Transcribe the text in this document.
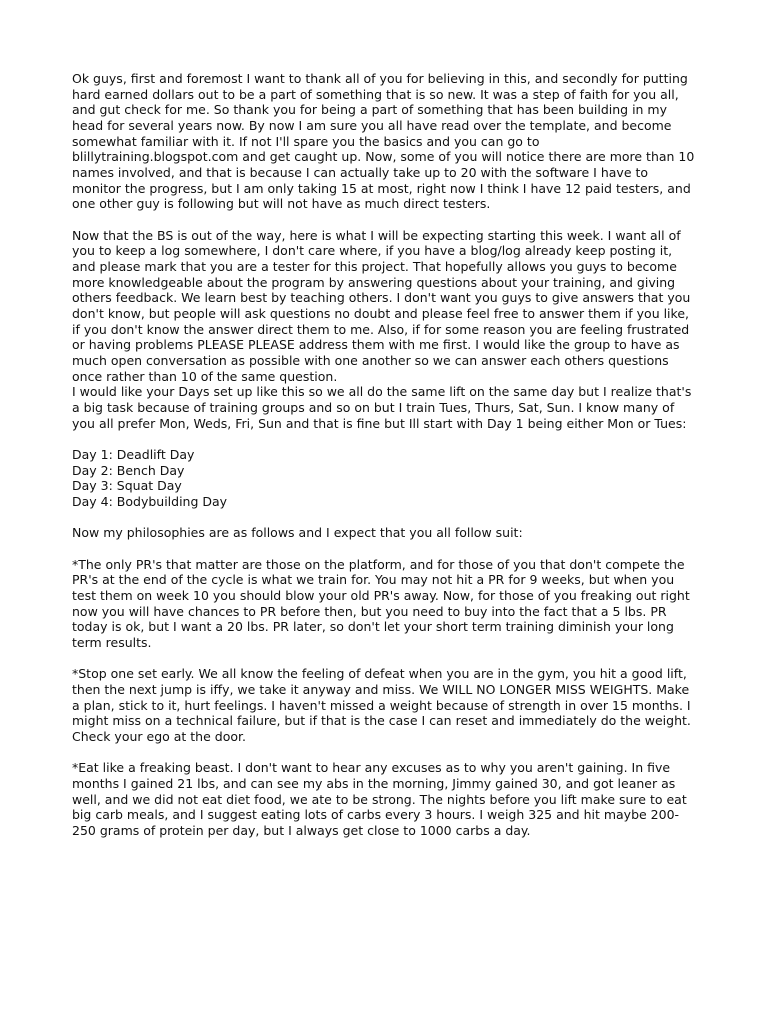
Ok guys, first and foremost I want to thank all of you for believing in this, and secondly for putting hard earned dollars out to be a part of something that is so new. It was a step of faith for you all, and gut check for me. So thank you for being a part of something that has been building in my head for several years now. By now I am sure you all have read over the template, and become somewhat familiar with it. If not I'll spare you the basics and you can go to blillytraining.blogspot.com and get caught up. Now, some of you will notice there are more than 10 names involved, and that is because I can actually take up to 20 with the software I have to monitor the progress, but I am only taking 15 at most, right now I think I have 12 paid testers, and one other guy is following but will not have as much direct testers.

Now that the BS is out of the way, here is what I will be expecting starting this week. I want all of you to keep a log somewhere, I don't care where, if you have a blog/log already keep posting it, and please mark that you are a tester for this project. That hopefully allows you guys to become more knowledgeable about the program by answering questions about your training, and giving others feedback. We learn best by teaching others. I don't want you guys to give answers that you don't know, but people will ask questions no doubt and please feel free to answer them if you like, if you don't know the answer direct them to me. Also, if for some reason you are feeling frustrated or having problems PLEASE PLEASE address them with me first. I would like the group to have as much open conversation as possible with one another so we can answer each others questions once rather than 10 of the same question.

I would like your Days set up like this so we all do the same lift on the same day but I realize that's a big task because of training groups and so on but I train Tues, Thurs, Sat, Sun. I know many of you all prefer Mon, Weds, Fri, Sun and that is fine but Ill start with Day 1 being either Mon or Tues:

Day 1: Deadlift Day
Day 2: Bench Day
Day 3: Squat Day
Day 4: Bodybuilding Day

Now my philosophies are as follows and I expect that you all follow suit:

*The only PR's that matter are those on the platform, and for those of you that don't compete the PR's at the end of the cycle is what we train for. You may not hit a PR for 9 weeks, but when you test them on week 10 you should blow your old PR's away. Now, for those of you freaking out right now you will have chances to PR before then, but you need to buy into the fact that a 5 lbs. PR today is ok, but I want a 20 lbs. PR later, so don't let your short term training diminish your long term results.

*Stop one set early. We all know the feeling of defeat when you are in the gym, you hit a good lift, then the next jump is iffy, we take it anyway and miss. We WILL NO LONGER MISS WEIGHTS. Make a plan, stick to it, hurt feelings. I haven't missed a weight because of strength in over 15 months. I might miss on a technical failure, but if that is the case I can reset and immediately do the weight. Check your ego at the door.

*Eat like a freaking beast. I don't want to hear any excuses as to why you aren't gaining. In five months I gained 21 lbs, and can see my abs in the morning, Jimmy gained 30, and got leaner as well, and we did not eat diet food, we ate to be strong. The nights before you lift make sure to eat big carb meals, and I suggest eating lots of carbs every 3 hours. I weigh 325 and hit maybe 200-250 grams of protein per day, but I always get close to 1000 carbs a day.
